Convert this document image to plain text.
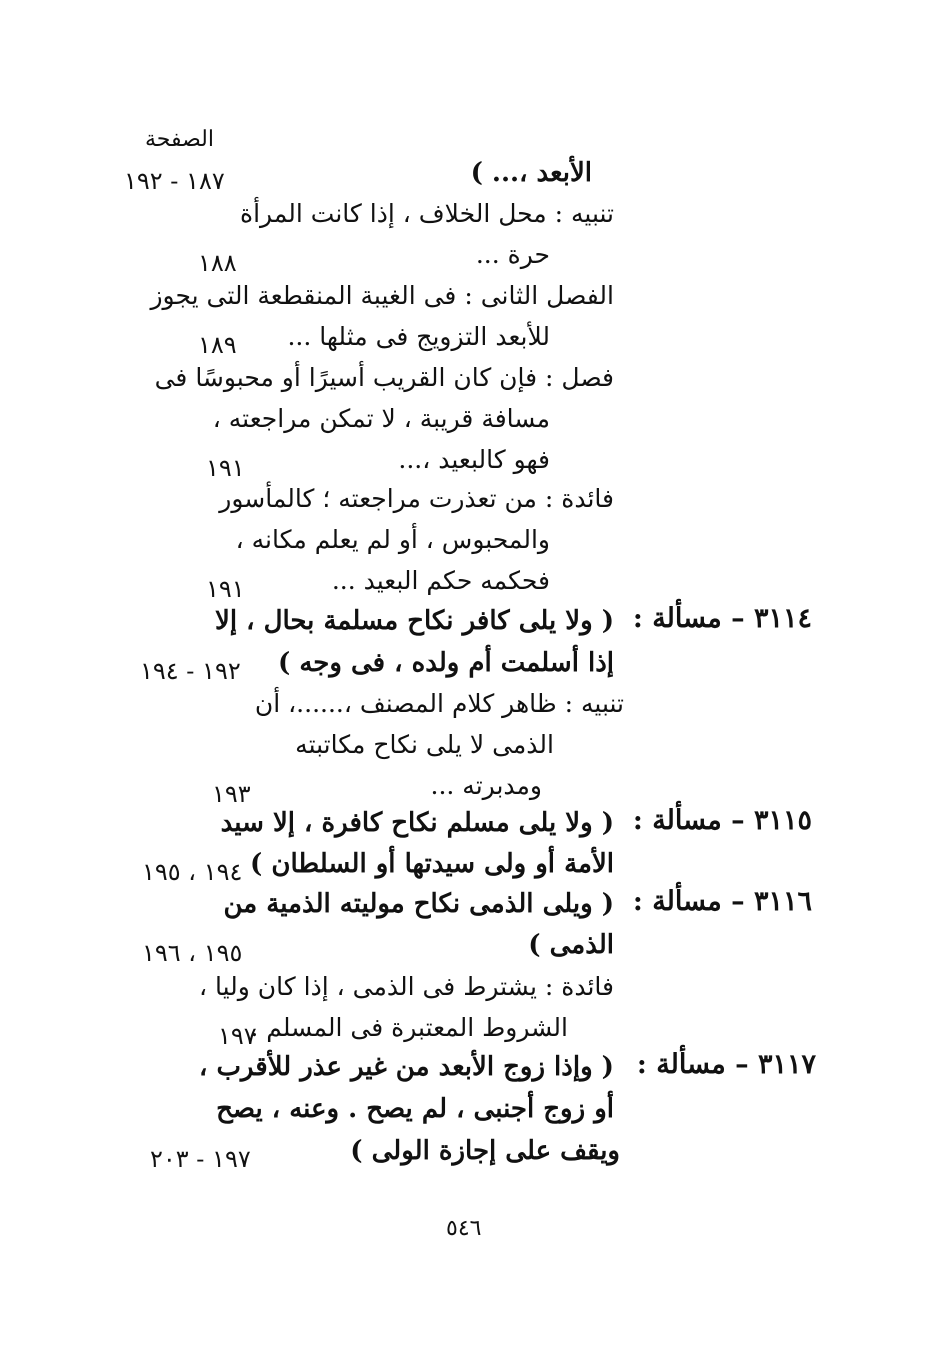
الصفحة
الأبعد ،... )
١٨٧ - ١٩٢
تنبيه : محل الخلاف ، إذا كانت المرأة
حرة ...
١٨٨
الفصل الثانى : فى الغيبة المنقطعة التى يجوز
للأبعد التزويج فى مثلها ...
١٨٩
فصل : فإن كان القريب أسيرًا أو محبوسًا فى
مسافة قريبة ، لا تمكن مراجعته ،
فهو كالبعيد ،...
١٩١
فائدة : من تعذرت مراجعته ؛ كالمأسور
والمحبوس ، أو لم يعلم مكانه ،
فحكمه حكم البعيد ...
١٩١
٣١١٤ – مسألة :
( ولا يلى كافر نكاح مسلمة بحال ، إلا
إذا أسلمت أم ولده ، فى وجه )
١٩٢ - ١٩٤
تنبيه : ظاهر كلام المصنف ،......، أن
الذمى لا يلى نكاح مكاتبته
ومدبرته ...
١٩٣
٣١١٥ – مسألة :
( ولا يلى مسلم نكاح كافرة ، إلا سيد
الأمة أو ولى سيدتها أو السلطان )
١٩٤ ، ١٩٥
٣١١٦ – مسألة :
( ويلى الذمى نكاح موليته الذمية من
الذمى )
١٩٥ ، ١٩٦
فائدة : يشترط فى الذمى ، إذا كان وليا ،
الشروط المعتبرة فى المسلم .
١٩٧
٣١١٧ – مسألة :
( وإذا زوج الأبعد من غير عذر للأقرب ،
أو زوج أجنبى ، لم يصح . وعنه ، يصح
ويقف على إجازة الولى )
١٩٧ - ٢٠٣
٥٤٦
